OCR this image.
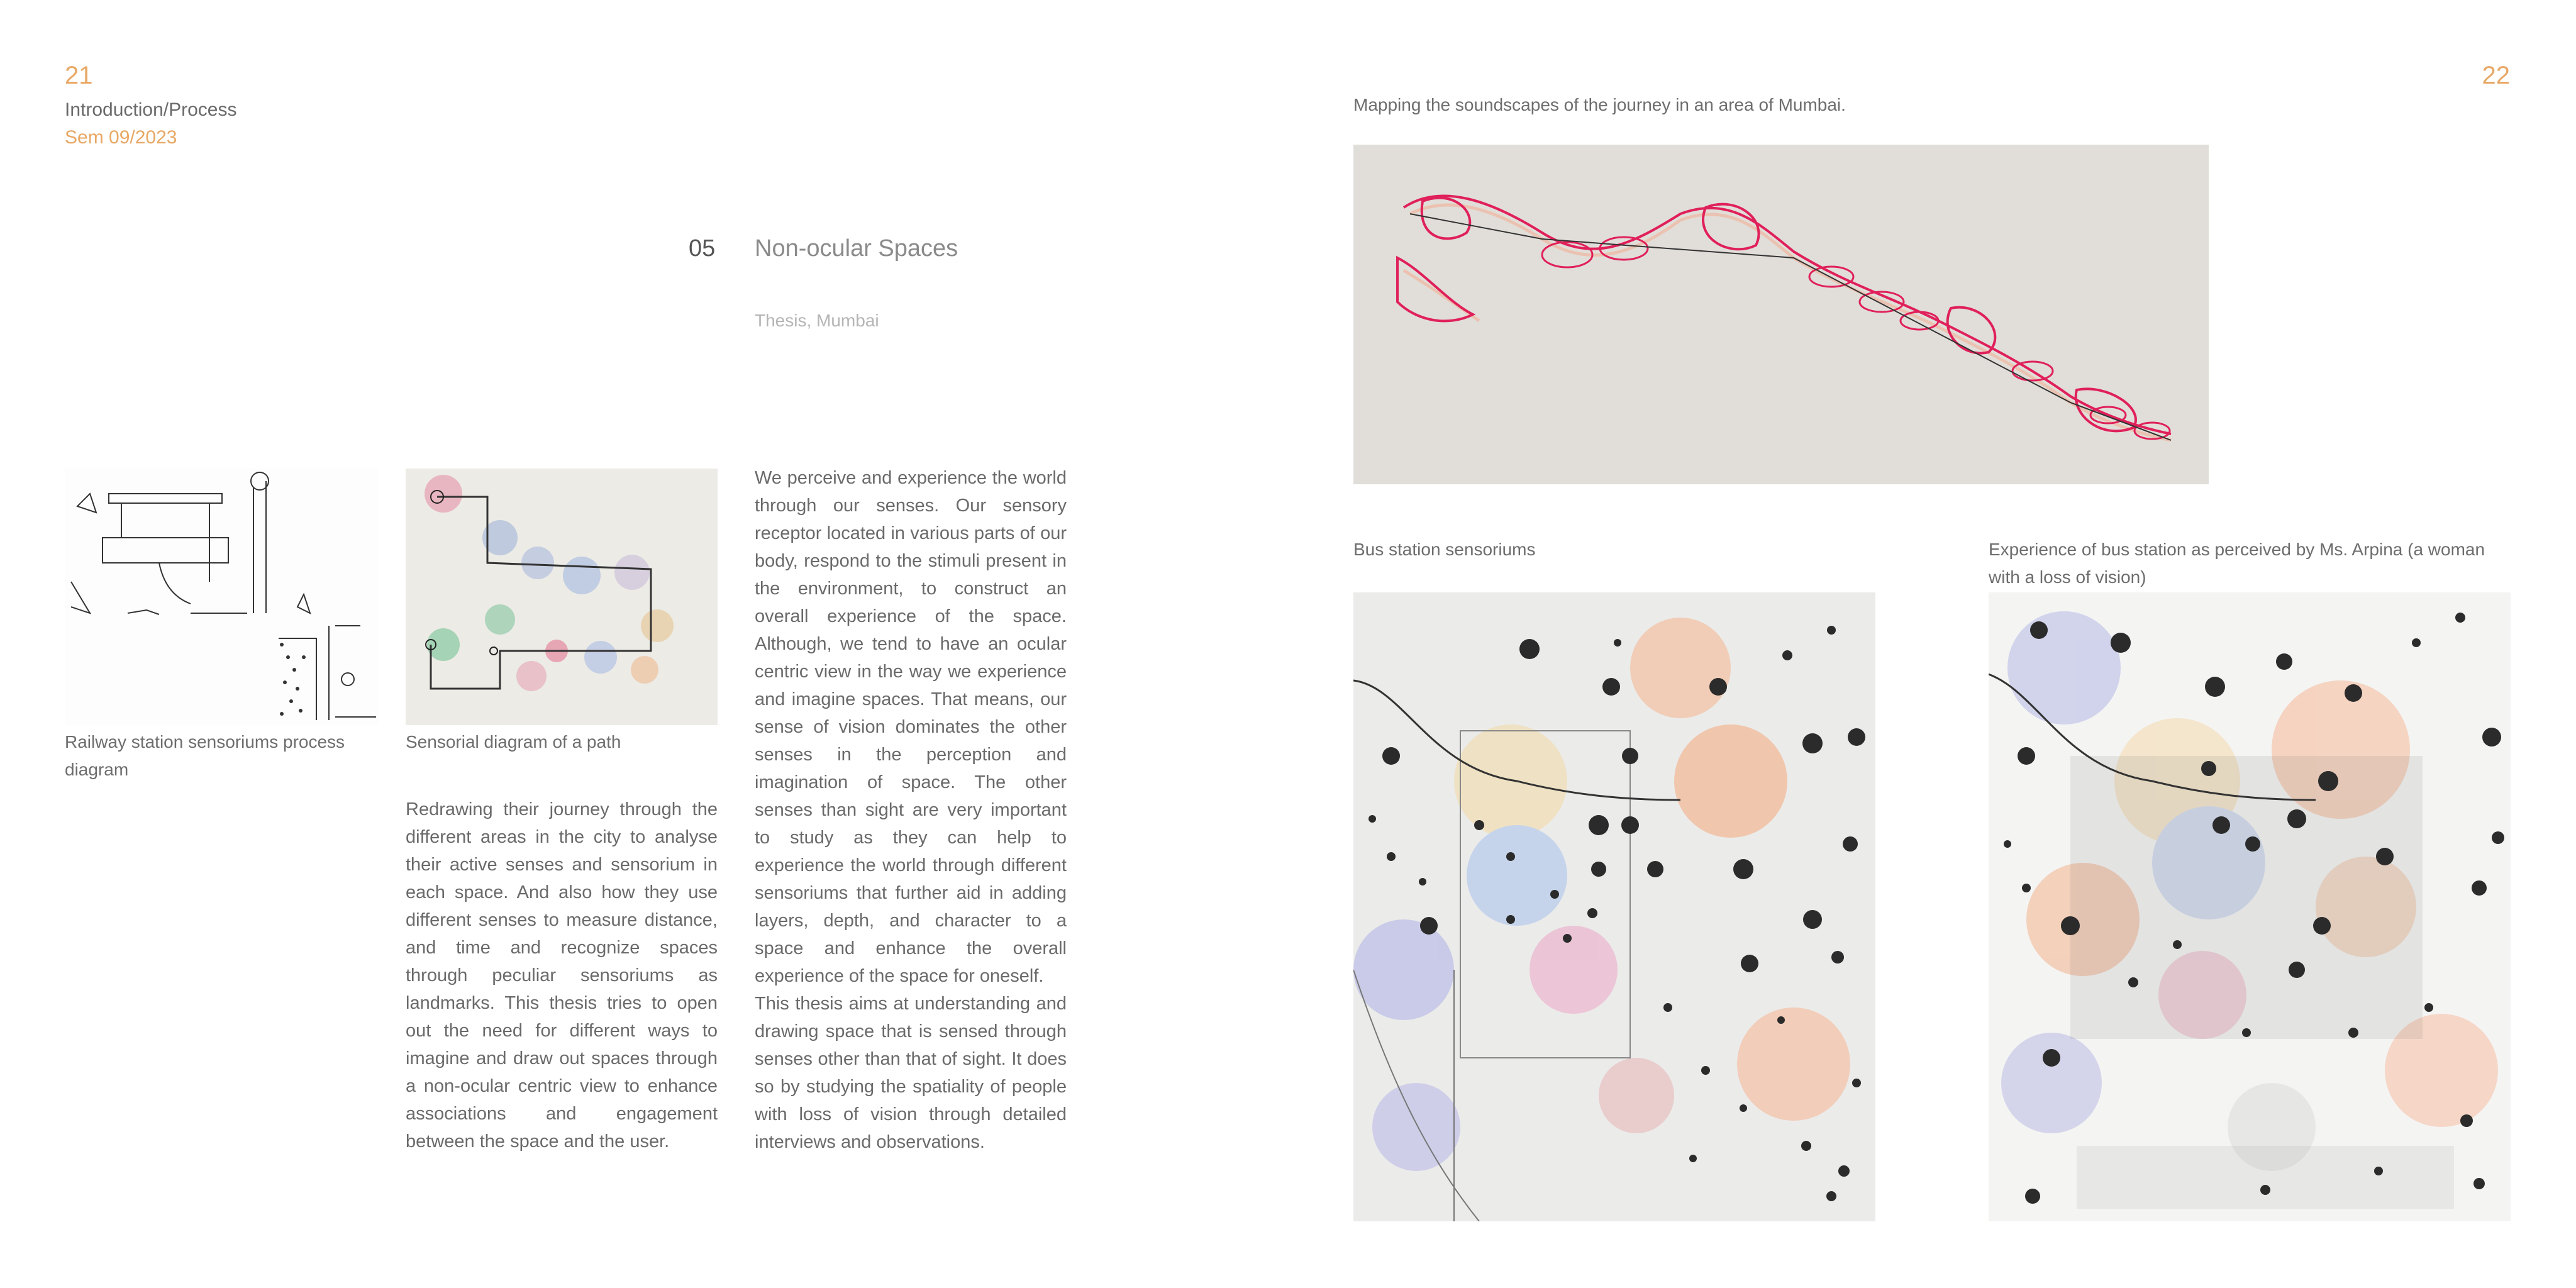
21
Introduction/Process
Sem 09/2023
05 Non-ocular Spaces
Thesis, Mumbai
Railway station sensoriums process diagram
Sensorial diagram of a path

Redrawing their journey through the different areas in the city to analyse their active senses and sensorium in each space. And also how they use different senses to measure distance, and time and recognize spaces through peculiar sensoriums as landmarks. This thesis tries to open out the need for different ways to imagine and draw out spaces through a non-ocular centric view to enhance associations and engagement between the space and the user.

We perceive and experience the world through our senses. Our sensory receptor located in various parts of our body, respond to the stimuli present in the environment, to construct an overall experience of the space. Although, we tend to have an ocular centric view in the way we experience and imagine spaces. That means, our sense of vision dominates the other senses in the perception and imagination of space. The other senses than sight are very important to study as they can help to experience the world through different sensoriums that further aid in adding layers, depth, and character to a space and enhance the overall experience of the space for oneself.

This thesis aims at understanding and drawing space that is sensed through senses other than that of sight. It does so by studying the spatiality of people with loss of vision through detailed interviews and observations.

22
Mapping the soundscapes of the journey in an area of Mumbai.
Bus station sensoriums	Experience of bus station as perceived by Ms. Arpina (a woman with a loss of vision)
